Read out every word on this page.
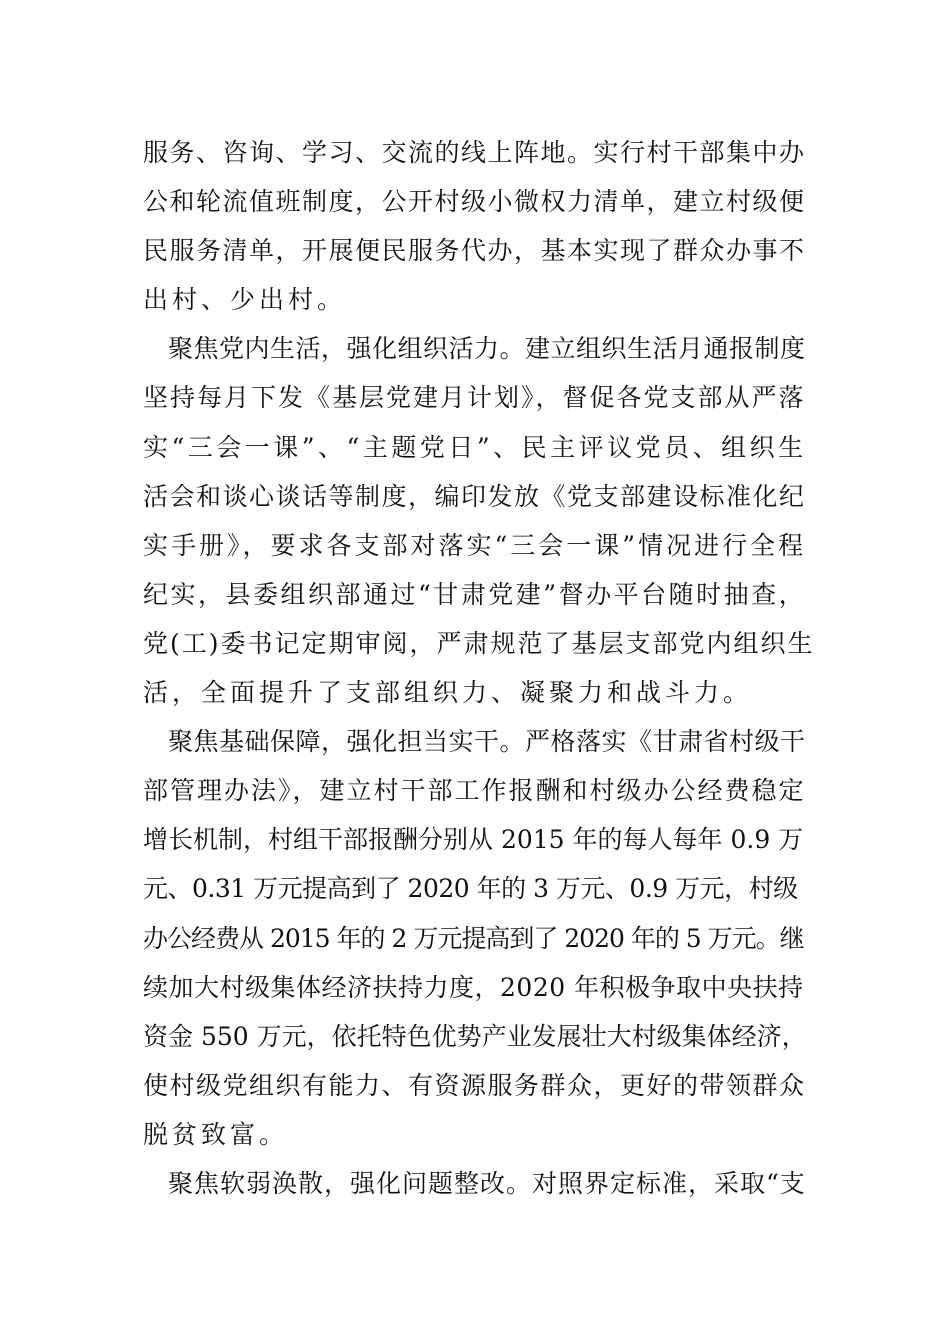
服务、咨询、学习、交流的线上阵地。实行村干部集中办
公和轮流值班制度，公开村级小微权力清单，建立村级便
民服务清单，开展便民服务代办，基本实现了群众办事不
出村、少出村。
聚焦党内生活，强化组织活力。建立组织生活月通报制度
坚持每月下发《基层党建月计划》，督促各党支部从严落
实“三会一课”、“主题党日”、民主评议党员、组织生
活会和谈心谈话等制度，编印发放《党支部建设标准化纪
实手册》，要求各支部对落实“三会一课”情况进行全程
纪实，县委组织部通过“甘肃党建”督办平台随时抽查，
党(工)委书记定期审阅，严肃规范了基层支部党内组织生
活，全面提升了支部组织力、凝聚力和战斗力。
聚焦基础保障，强化担当实干。严格落实《甘肃省村级干
部管理办法》，建立村干部工作报酬和村级办公经费稳定
增长机制，村组干部报酬分别从 2015 年的每人每年 0.9 万
元、0.31 万元提高到了 2020 年的 3 万元、0.9 万元，村级
办公经费从 2015 年的 2 万元提高到了 2020 年的 5 万元。继
续加大村级集体经济扶持力度，2020 年积极争取中央扶持
资金 550 万元，依托特色优势产业发展壮大村级集体经济，
使村级党组织有能力、有资源服务群众，更好的带领群众
脱贫致富。
聚焦软弱涣散，强化问题整改。对照界定标准，采取“支
